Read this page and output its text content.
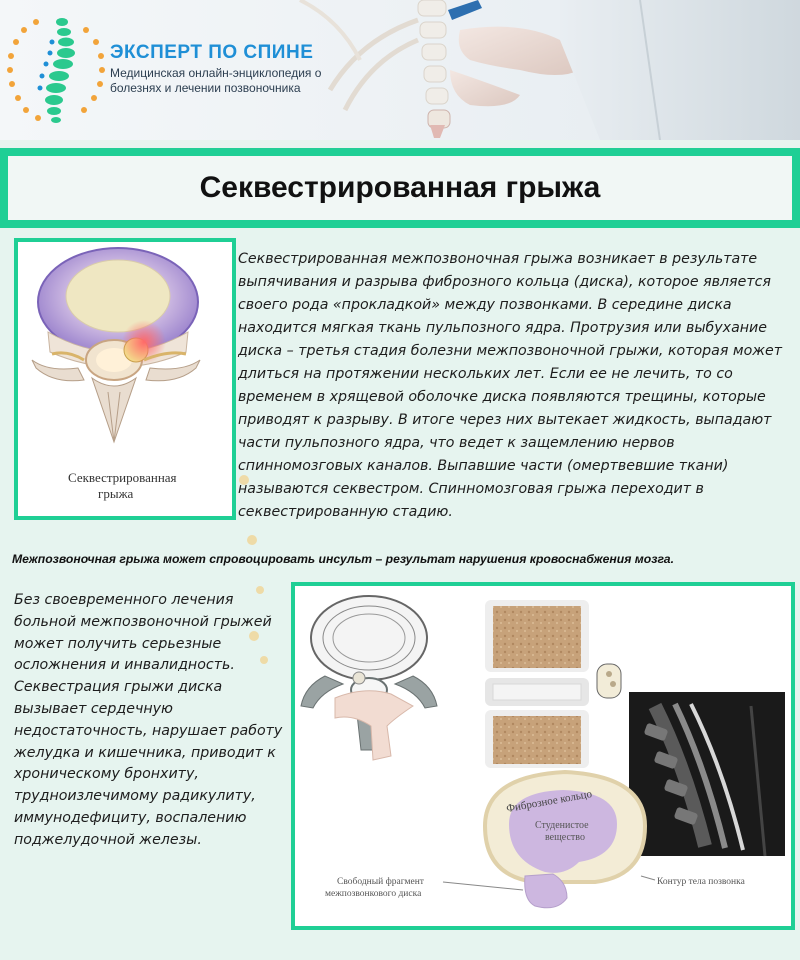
ЭКСПЕРТ ПО СПИНЕ
Медицинская онлайн-энциклопедия о болезнях и лечении позвоночника
Секвестрированная грыжа
Секвестрированная
грыжа

Секвестрированная межпозвоночная грыжа возникает в результате выпячивания и разрыва фиброзного кольца (диска), которое является своего рода «прокладкой» между позвонками. В середине диска находится мягкая ткань пульпозного ядра. Протрузия или выбухание диска – третья стадия болезни межпозвоночной грыжи, которая может длиться на протяжении нескольких лет. Если ее не лечить, то со временем в хрящевой оболочке диска появляются трещины, которые приводят к разрыву. В итоге через них вытекает жидкость, выпадают части пульпозного ядра, что ведет к защемлению нервов спинномозговых каналов. Выпавшие части (омертвевшие ткани) называются секвестром. Спинномозговая грыжа переходит в секвестрированную стадию.

Межпозвоночная грыжа может спровоцировать инсульт – результат нарушения кровоснабжения мозга.

Без своевременного лечения больной межпозвоночной грыжей может получить серьезные осложнения и инвалидность. Секвестрация грыжи диска вызывает сердечную недостаточность, нарушает работу желудка и кишечника, приводит к хроническому бронхиту, трудноизлечимому радикулиту, иммунодефициту, воспалению поджелудочной железы.

Фиброзное кольцо
Студенистое
вещество
Свободный фрагмент
межпозвонкового диска
Контур тела позвонка
